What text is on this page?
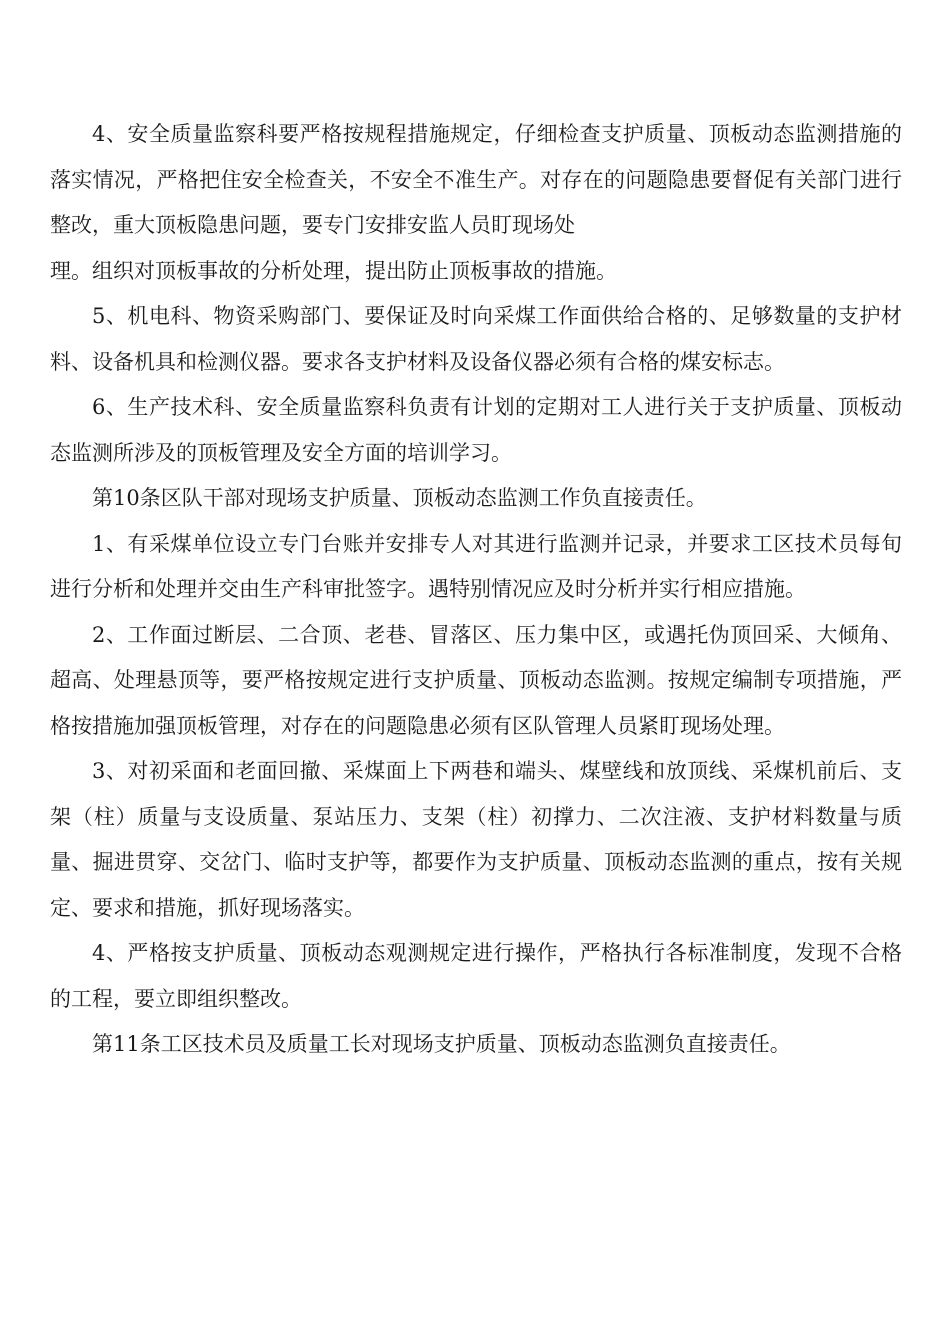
4、安全质量监察科要严格按规程措施规定，仔细检查支护质量、顶板动态监测措施的落实情况，严格把住安全检查关，不安全不准生产。对存在的问题隐患要督促有关部门进行整改，重大顶板隐患问题，要专门安排安监人员盯现场处
理。组织对顶板事故的分析处理，提出防止顶板事故的措施。

5、机电科、物资采购部门、要保证及时向采煤工作面供给合格的、足够数量的支护材料、设备机具和检测仪器。要求各支护材料及设备仪器必须有合格的煤安标志。

6、生产技术科、安全质量监察科负责有计划的定期对工人进行关于支护质量、顶板动态监测所涉及的顶板管理及安全方面的培训学习。

第10条区队干部对现场支护质量、顶板动态监测工作负直接责任。

1、有采煤单位设立专门台账并安排专人对其进行监测并记录，并要求工区技术员每旬进行分析和处理并交由生产科审批签字。遇特别情况应及时分析并实行相应措施。

2、工作面过断层、二合顶、老巷、冒落区、压力集中区，或遇托伪顶回采、大倾角、超高、处理悬顶等，要严格按规定进行支护质量、顶板动态监测。按规定编制专项措施，严格按措施加强顶板管理，对存在的问题隐患必须有区队管理人员紧盯现场处理。

3、对初采面和老面回撤、采煤面上下两巷和端头、煤壁线和放顶线、采煤机前后、支架（柱）质量与支设质量、泵站压力、支架（柱）初撑力、二次注液、支护材料数量与质量、掘进贯穿、交岔门、临时支护等，都要作为支护质量、顶板动态监测的重点，按有关规定、要求和措施，抓好现场落实。

4、严格按支护质量、顶板动态观测规定进行操作，严格执行各标准制度，发现不合格的工程，要立即组织整改。

第11条工区技术员及质量工长对现场支护质量、顶板动态监测负直接责任。
